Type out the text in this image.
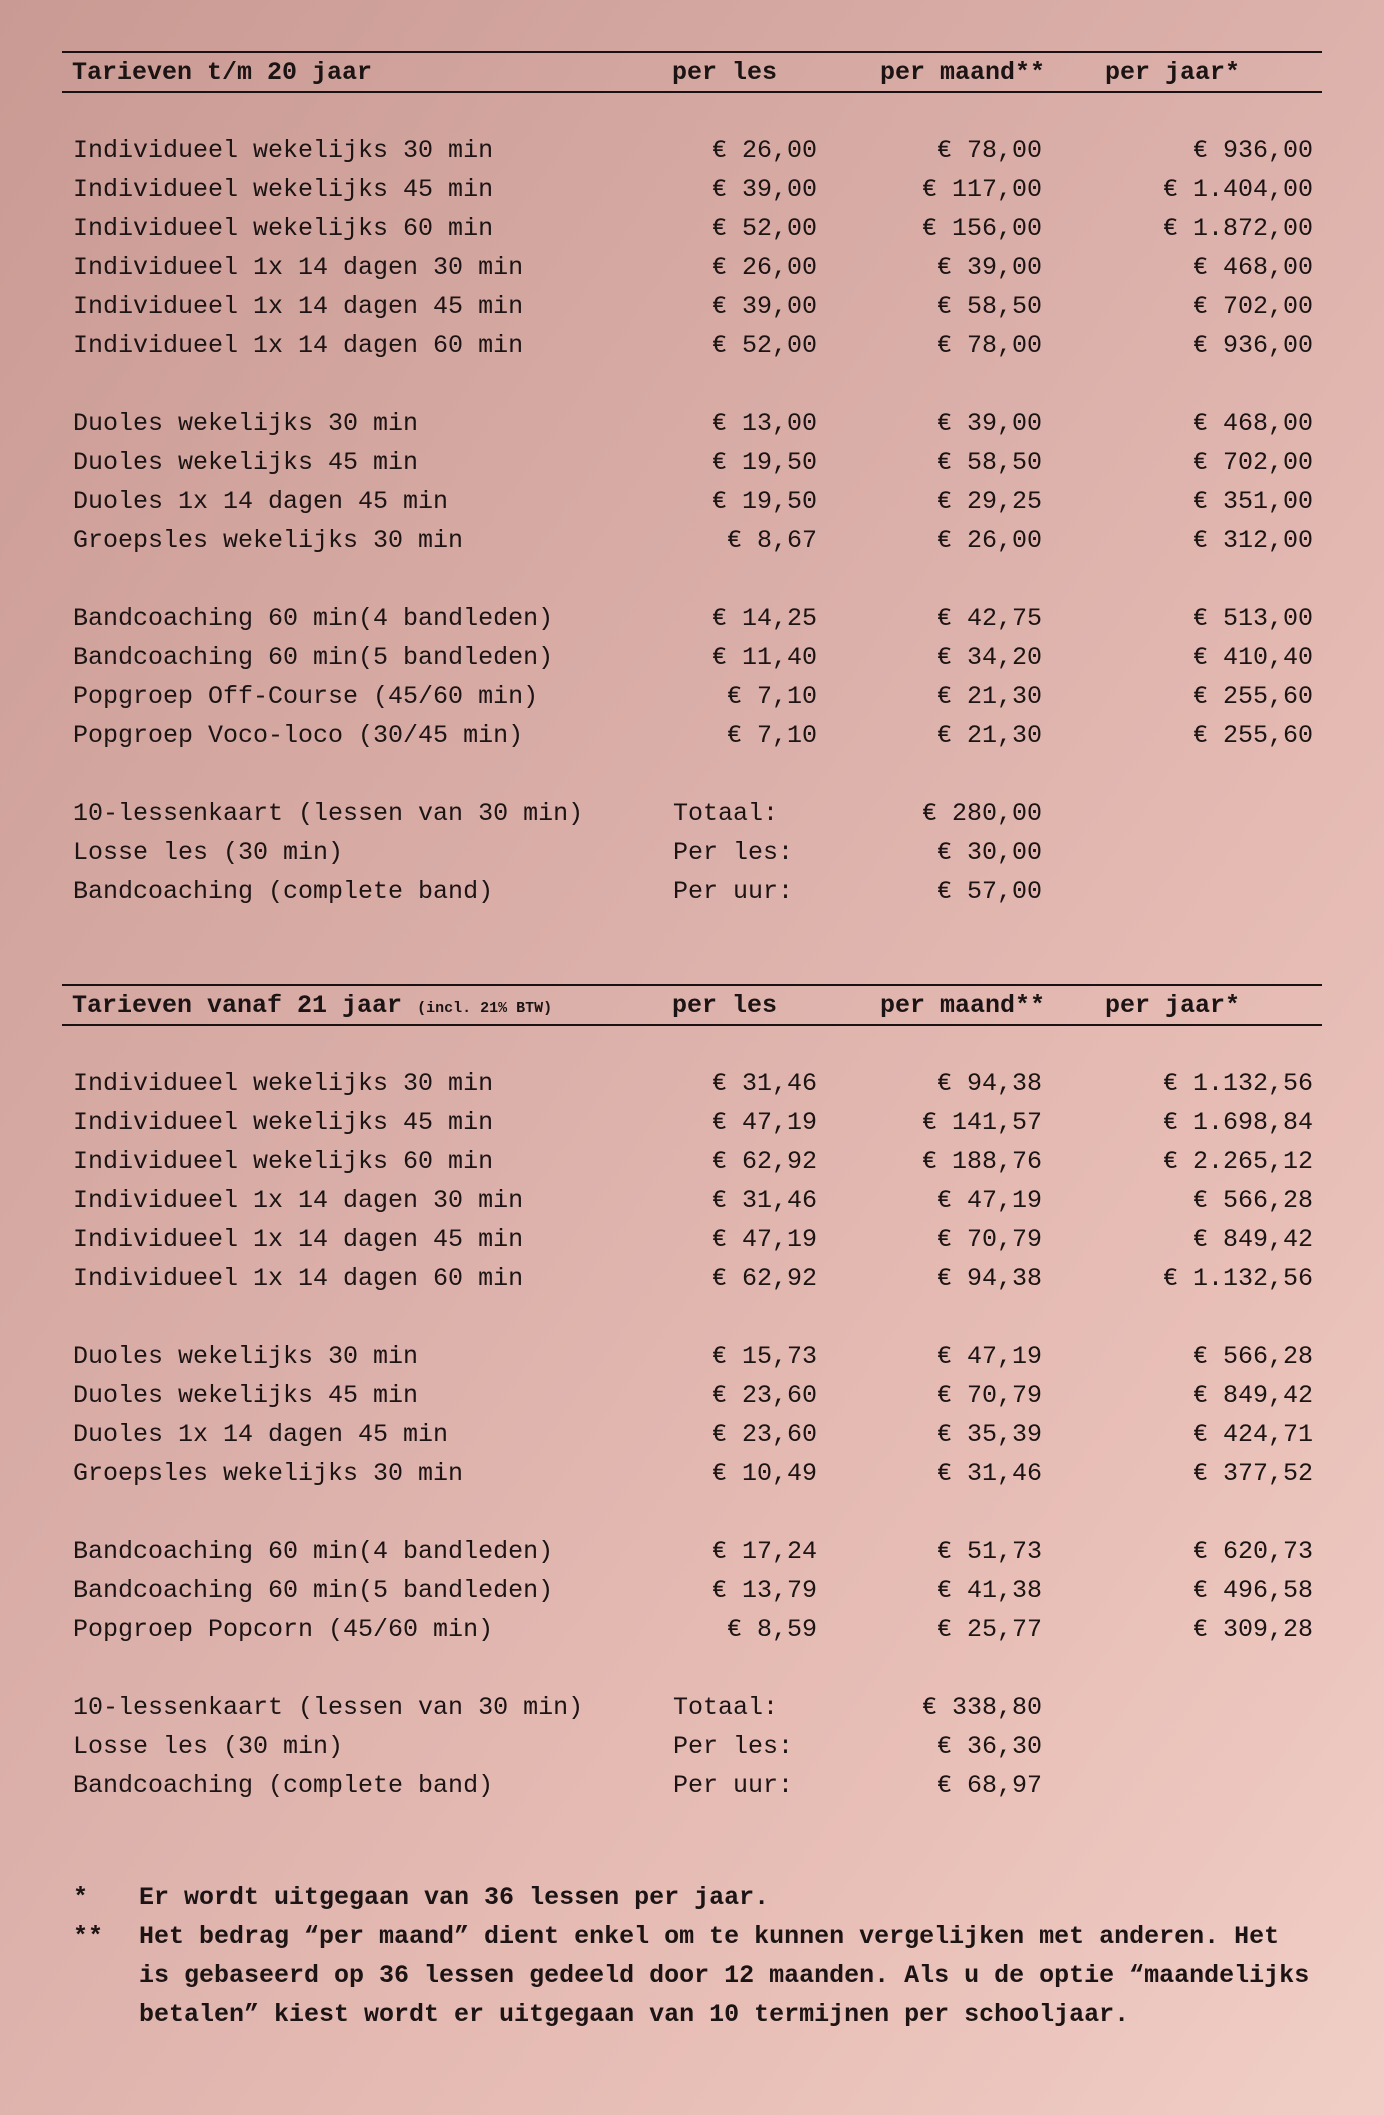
Tarieven t/m 20 jaar	per les	per maand** per jaar*
Individueel wekelijks 30 min	€ 26,00	€ 78,00	€ 936,00
Individueel wekelijks 45 min	€ 39,00	€ 117,00	€ 1.404,00
Individueel wekelijks 60 min	€ 52,00	€ 156,00	€ 1.872,00
Individueel 1x 14 dagen 30 min	€ 26,00	€ 39,00	€ 468,00
Individueel 1x 14 dagen 45 min	€ 39,00	€ 58,50	€ 702,00
Individueel 1x 14 dagen 60 min	€ 52,00	€ 78,00	€ 936,00
Duoles wekelijks 30 min	€ 13,00	€ 39,00	€ 468,00
Duoles wekelijks 45 min	€ 19,50	€ 58,50	€ 702,00
Duoles 1x 14 dagen 45 min	€ 19,50	€ 29,25	€ 351,00
Groepsles wekelijks 30 min	€ 8,67	€ 26,00	€ 312,00
Bandcoaching 60 min(4 bandleden)	€ 14,25	€ 42,75	€ 513,00
Bandcoaching 60 min(5 bandleden)	€ 11,40	€ 34,20	€ 410,40
Popgroep Off-Course (45/60 min)	€ 7,10	€ 21,30	€ 255,60
Popgroep Voco-loco (30/45 min)	€ 7,10	€ 21,30	€ 255,60
10-lessenkaart (lessen van 30 min)	Totaal:	€ 280,00
Losse les (30 min)	Per les:	€ 30,00
Bandcoaching (complete band)	Per uur:	€ 57,00
Tarieven vanaf 21 jaar (incl. 21% BTW)	per les	per maand** per jaar*
Individueel wekelijks 30 min	€ 31,46	€ 94,38	€ 1.132,56
Individueel wekelijks 45 min	€ 47,19	€ 141,57	€ 1.698,84
Individueel wekelijks 60 min	€ 62,92	€ 188,76	€ 2.265,12
Individueel 1x 14 dagen 30 min	€ 31,46	€ 47,19	€ 566,28
Individueel 1x 14 dagen 45 min	€ 47,19	€ 70,79	€ 849,42
Individueel 1x 14 dagen 60 min	€ 62,92	€ 94,38	€ 1.132,56
Duoles wekelijks 30 min	€ 15,73	€ 47,19	€ 566,28
Duoles wekelijks 45 min	€ 23,60	€ 70,79	€ 849,42
Duoles 1x 14 dagen 45 min	€ 23,60	€ 35,39	€ 424,71
Groepsles wekelijks 30 min	€ 10,49	€ 31,46	€ 377,52
Bandcoaching 60 min(4 bandleden)	€ 17,24	€ 51,73	€ 620,73
Bandcoaching 60 min(5 bandleden)	€ 13,79	€ 41,38	€ 496,58
Popgroep Popcorn (45/60 min)	€ 8,59	€ 25,77	€ 309,28
10-lessenkaart (lessen van 30 min)	Totaal:	€ 338,80
Losse les (30 min)	Per les:	€ 36,30
Bandcoaching (complete band)	Per uur:	€ 68,97
* Er wordt uitgegaan van 36 lessen per jaar.
** Het bedrag “per maand” dient enkel om te kunnen vergelijken met anderen. Het is gebaseerd op 36 lessen gedeeld door 12 maanden. Als u de optie “maandelijks betalen” kiest wordt er uitgegaan van 10 termijnen per schooljaar.
